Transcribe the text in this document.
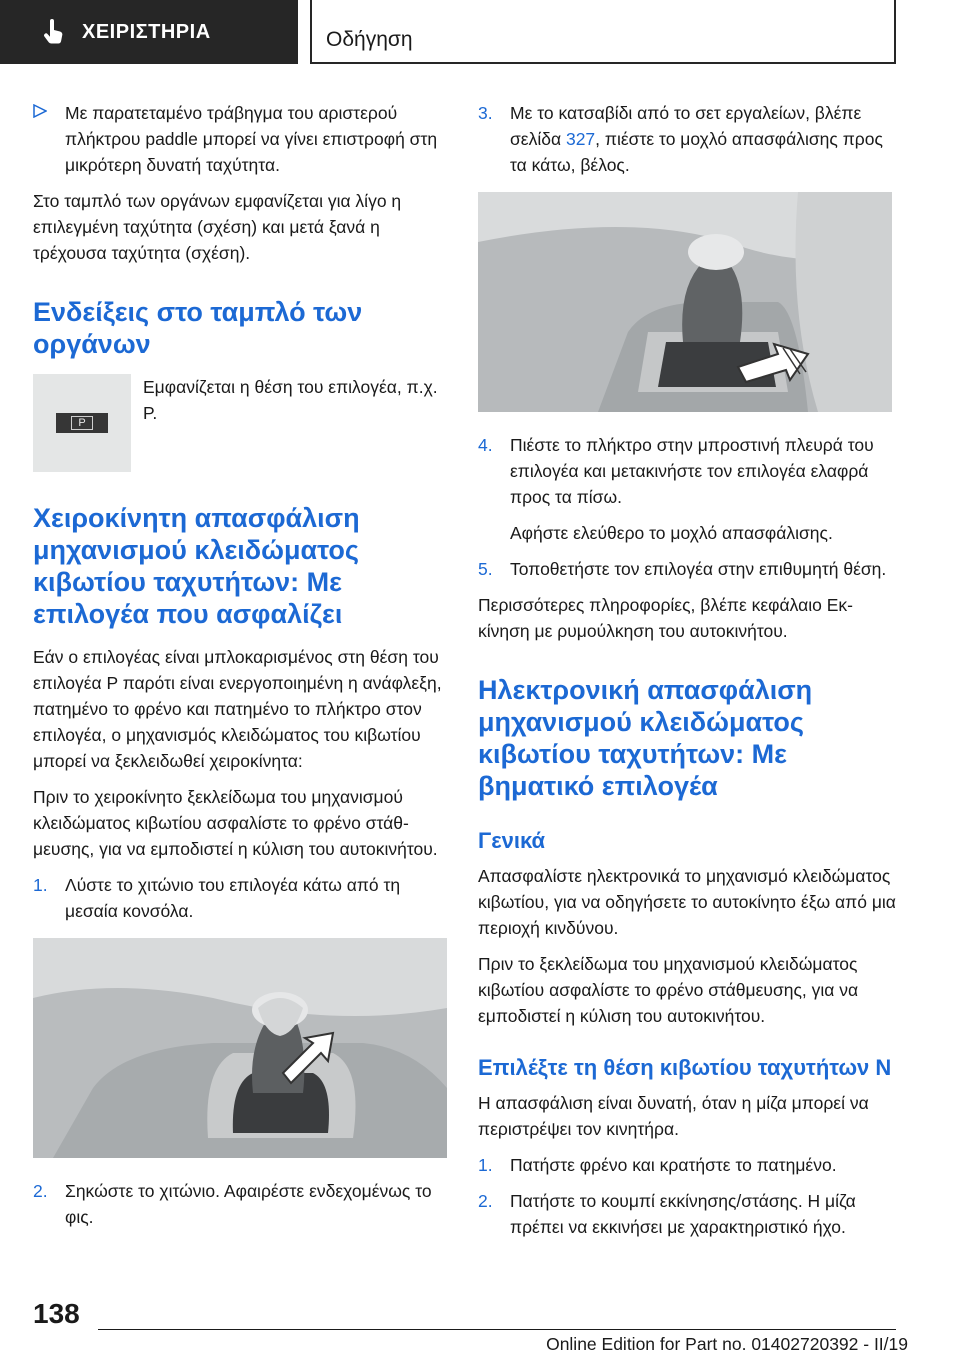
ΧΕΙΡΙΣΤΗΡΙΑ	Οδήγηση

Με παρατεταμένο τράβηγμα του αριστερού πλήκτρου paddle μπορεί να γίνει επιστροφή στη μικρότερη δυνατή ταχύτητα.

Στο ταμπλό των οργάνων εμφανίζεται για λίγο η επιλεγμένη ταχύτητα (σχέση) και μετά ξανά η τρέχουσα ταχύτητα (σχέση).

Ενδείξεις στο ταμπλό των οργάνων
P

Εμφανίζεται η θέση του επιλογέα, π.χ. P.

Χειροκίνητη απασφάλιση μηχανισμού κλειδώματος κιβωτίου ταχυτήτων: Με επιλογέα που ασφαλίζει

Εάν ο επιλογέας είναι μπλοκαρισμένος στη θέση του επιλογέα P παρότι είναι ενεργοποιημένη η ανάφλεξη, πατημένο το φρένο και πατημένο το πλήκτρο στον επιλογέα, ο μηχανισμός κλειδώματος του κιβωτίου μπορεί να ξεκλειδωθεί χειροκίνητα:

Πριν το χειροκίνητο ξεκλείδωμα του μηχανισμού κλειδώματος κιβωτίου ασφαλίστε το φρένο στάθμευσης, για να εμποδιστεί η κύλιση του αυτοκινήτου.

1. Λύστε το χιτώνιο του επιλογέα κάτω από τη μεσαία κονσόλα.
2. Σηκώστε το χιτώνιο. Αφαιρέστε ενδεχομένως το φις.
3. Με το κατσαβίδι από το σετ εργαλείων, βλέπε σελίδα 327, πιέστε το μοχλό απασφάλισης προς τα κάτω, βέλος.
4. Πιέστε το πλήκτρο στην μπροστινή πλευρά του επιλογέα και μετακινήστε τον επιλογέα ελαφρά προς τα πίσω.

Αφήστε ελεύθερο το μοχλό απασφάλισης.

5. Τοποθετήστε τον επιλογέα στην επιθυμητή θέση.

Περισσότερες πληροφορίες, βλέπε κεφάλαιο Εκκίνηση με ρυμούλκηση του αυτοκινήτου.

Ηλεκτρονική απασφάλιση μηχανισμού κλειδώματος κιβωτίου ταχυτήτων: Με βηματικό επιλογέα
Γενικά

Απασφαλίστε ηλεκτρονικά το μηχανισμό κλειδώματος κιβωτίου, για να οδηγήσετε το αυτοκίνητο έξω από μια περιοχή κινδύνου.

Πριν το ξεκλείδωμα του μηχανισμού κλειδώματος κιβωτίου ασφαλίστε το φρένο στάθμευσης, για να εμποδιστεί η κύλιση του αυτοκινήτου.

Επιλέξτε τη θέση κιβωτίου ταχυτήτων N

Η απασφάλιση είναι δυνατή, όταν η μίζα μπορεί να περιστρέψει τον κινητήρα.

1. Πατήστε φρένο και κρατήστε το πατημένο.
2. Πατήστε το κουμπί εκκίνησης/στάσης. Η μίζα πρέπει να εκκινήσει με χαρακτηριστικό ήχο.
138
Online Edition for Part no. 01402720392 - II/19
